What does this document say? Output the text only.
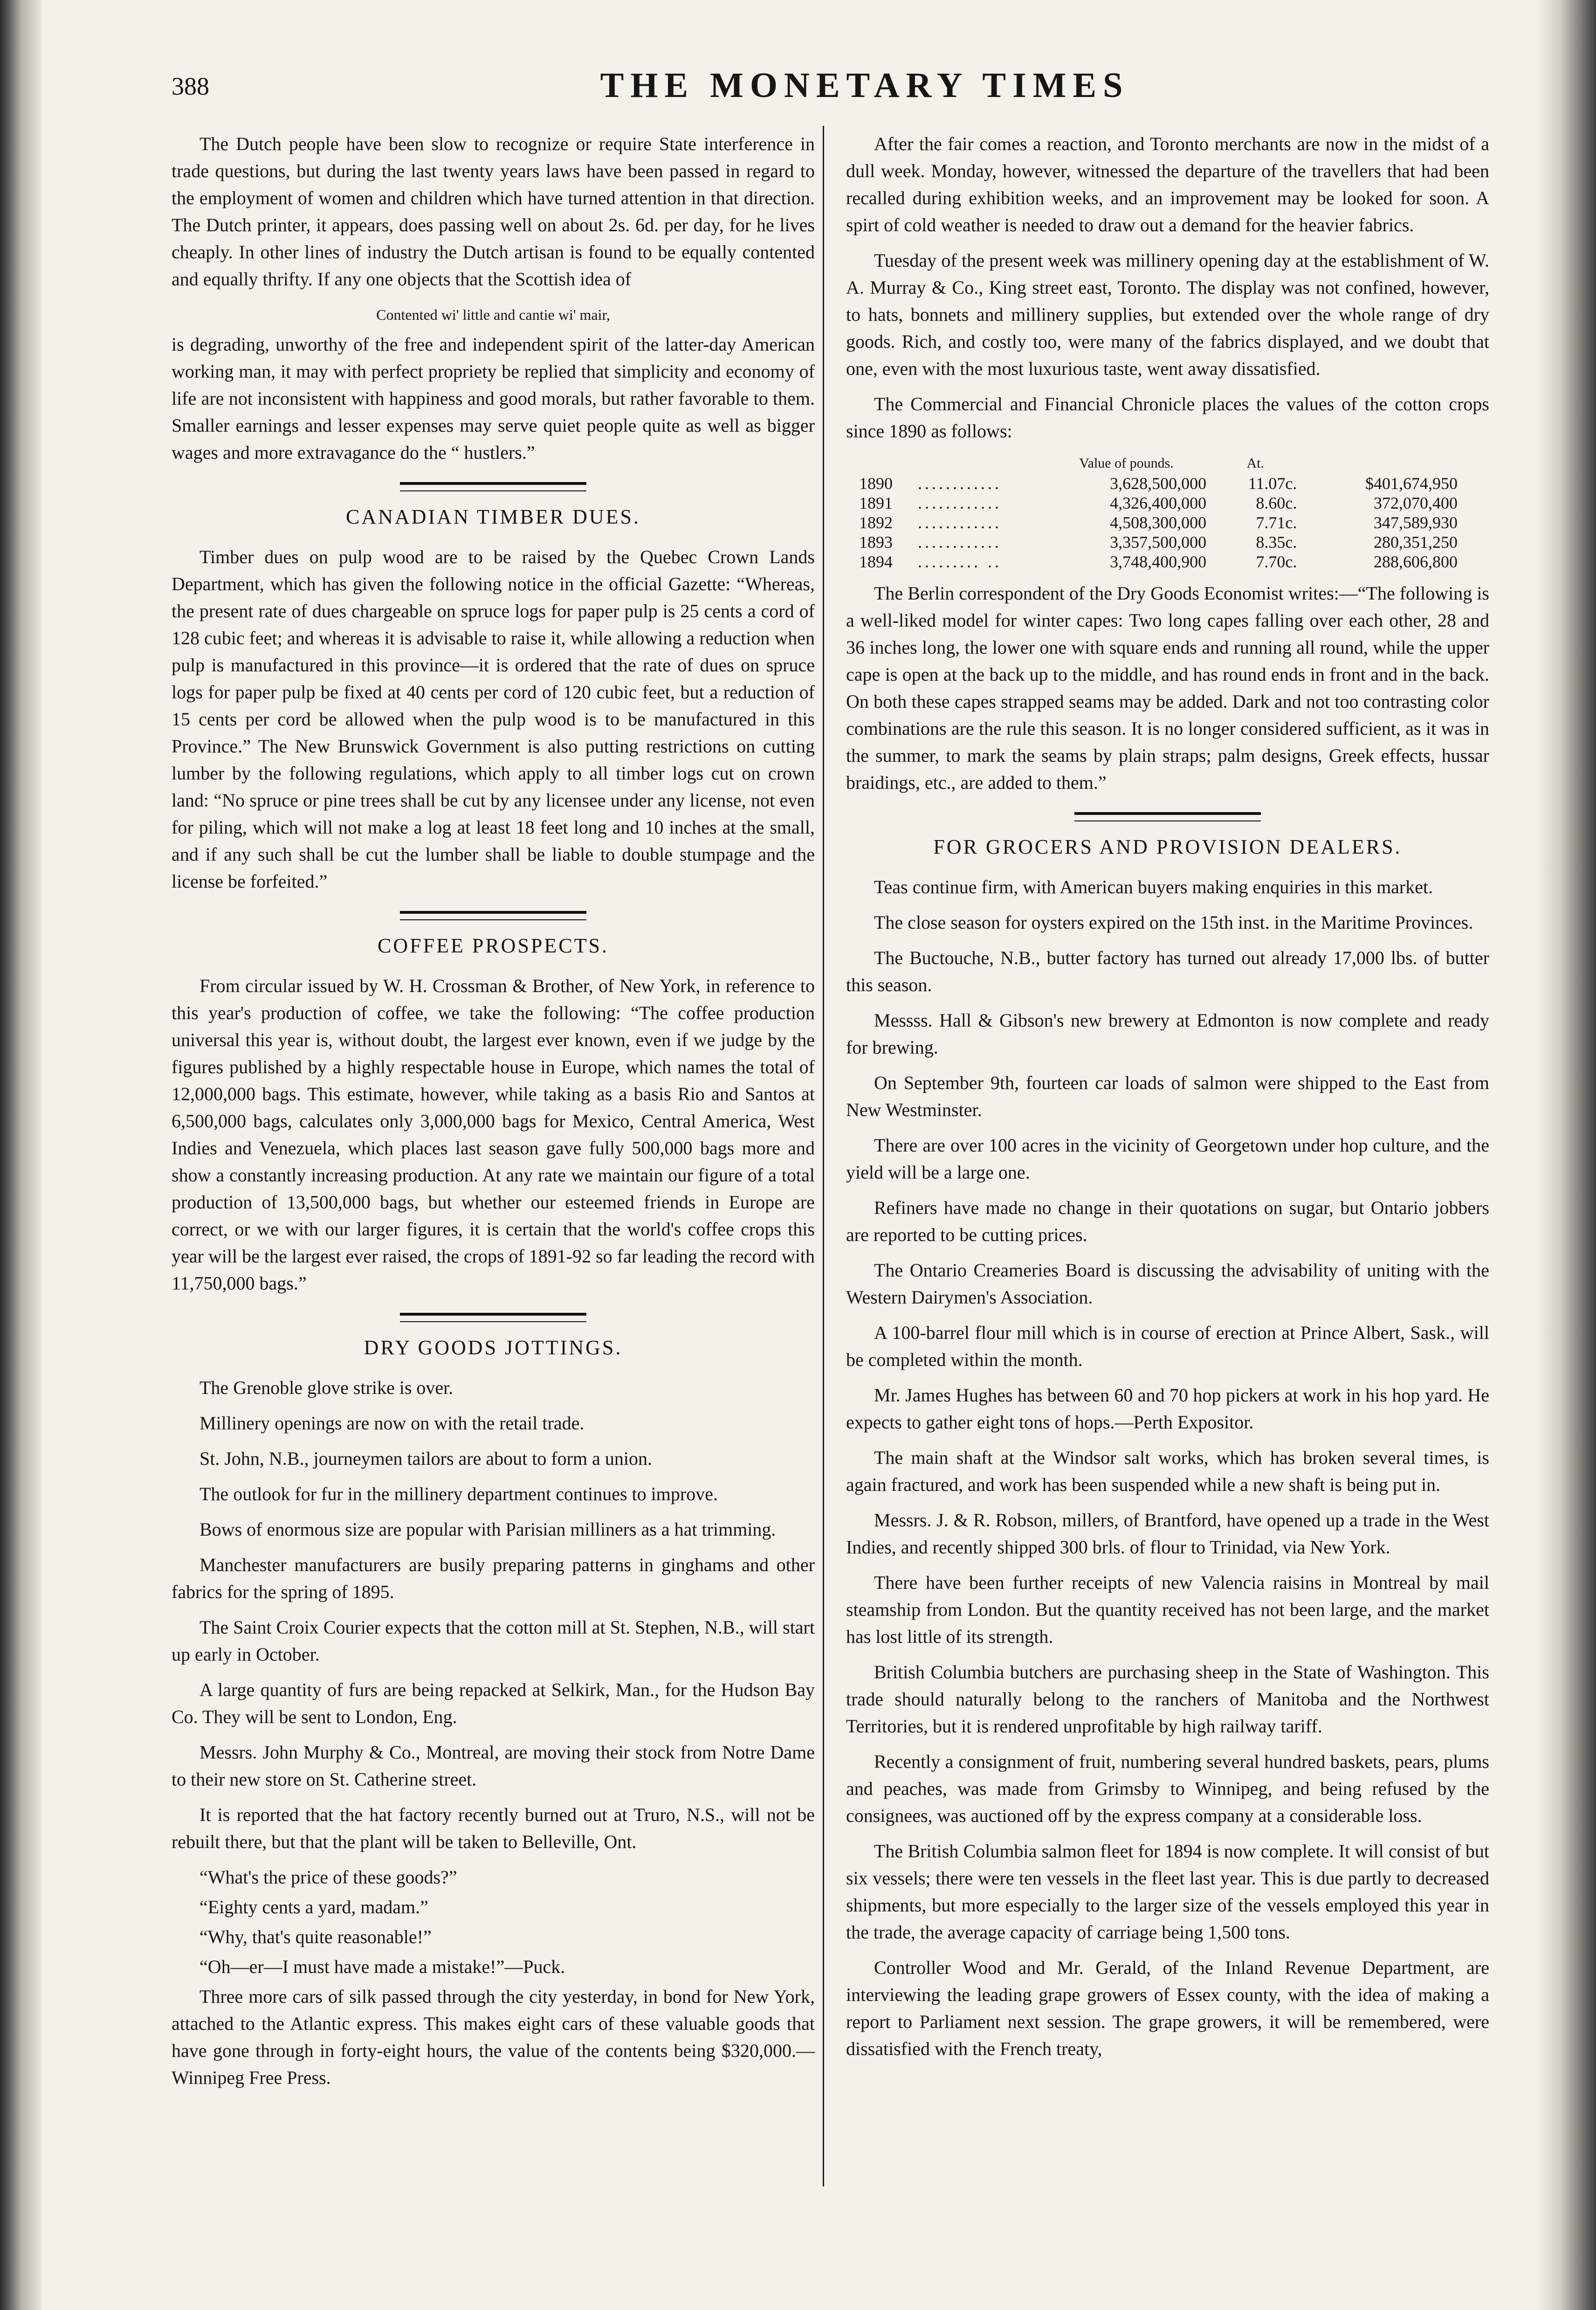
388	THE MONETARY TIMES

The Dutch people have been slow to recognize or require State interference in trade questions, but during the last twenty years laws have been passed in regard to the employment of women and children which have turned attention in that direction. The Dutch printer, it appears, does passing well on about 2s. 6d. per day, for he lives cheaply. In other lines of industry the Dutch artisan is found to be equally contented and equally thrifty. If any one objects that the Scottish idea of

Contented wi' little and cantie wi' mair,

is degrading, unworthy of the free and independent spirit of the latter-day American working man, it may with perfect propriety be replied that simplicity and economy of life are not inconsistent with happiness and good morals, but rather favorable to them. Smaller earnings and lesser expenses may serve quiet people quite as well as bigger wages and more extravagance do the “ hustlers.”

CANADIAN TIMBER DUES.

Timber dues on pulp wood are to be raised by the Quebec Crown Lands Department, which has given the following notice in the official Gazette: “Whereas, the present rate of dues chargeable on spruce logs for paper pulp is 25 cents a cord of 128 cubic feet; and whereas it is advisable to raise it, while allowing a reduction when pulp is manufactured in this province—it is ordered that the rate of dues on spruce logs for paper pulp be fixed at 40 cents per cord of 120 cubic feet, but a reduction of 15 cents per cord be allowed when the pulp wood is to be manufactured in this Province.” The New Brunswick Government is also putting restrictions on cutting lumber by the following regulations, which apply to all timber logs cut on crown land: “No spruce or pine trees shall be cut by any licensee under any license, not even for piling, which will not make a log at least 18 feet long and 10 inches at the small, and if any such shall be cut the lumber shall be liable to double stumpage and the license be forfeited.”

COFFEE PROSPECTS.

From circular issued by W. H. Crossman & Brother, of New York, in reference to this year's production of coffee, we take the following: “The coffee production universal this year is, without doubt, the largest ever known, even if we judge by the figures published by a highly respectable house in Europe, which names the total of 12,000,000 bags. This estimate, however, while taking as a basis Rio and Santos at 6,500,000 bags, calculates only 3,000,000 bags for Mexico, Central America, West Indies and Venezuela, which places last season gave fully 500,000 bags more and show a constantly increasing production. At any rate we maintain our figure of a total production of 13,500,000 bags, but whether our esteemed friends in Europe are correct, or we with our larger figures, it is certain that the world's coffee crops this year will be the largest ever raised, the crops of 1891-92 so far leading the record with 11,750,000 bags.”

DRY GOODS JOTTINGS.

The Grenoble glove strike is over.

Millinery openings are now on with the retail trade.

St. John, N.B., journeymen tailors are about to form a union.

The outlook for fur in the millinery department continues to improve.

Bows of enormous size are popular with Parisian milliners as a hat trimming.

Manchester manufacturers are busily preparing patterns in ginghams and other fabrics for the spring of 1895.

The Saint Croix Courier expects that the cotton mill at St. Stephen, N.B., will start up early in October.

A large quantity of furs are being repacked at Selkirk, Man., for the Hudson Bay Co. They will be sent to London, Eng.

Messrs. John Murphy & Co., Montreal, are moving their stock from Notre Dame to their new store on St. Catherine street.

It is reported that the hat factory recently burned out at Truro, N.S., will not be rebuilt there, but that the plant will be taken to Belleville, Ont.

“What's the price of these goods?”

“Eighty cents a yard, madam.”

“Why, that's quite reasonable!”

“Oh—er—I must have made a mistake!”—Puck.

Three more cars of silk passed through the city yesterday, in bond for New York, attached to the Atlantic express. This makes eight cars of these valuable goods that have gone through in forty-eight hours, the value of the contents being $320,000.—Winnipeg Free Press.

After the fair comes a reaction, and Toronto merchants are now in the midst of a dull week. Monday, however, witnessed the departure of the travellers that had been recalled during exhibition weeks, and an improvement may be looked for soon. A spirt of cold weather is needed to draw out a demand for the heavier fabrics.

Tuesday of the present week was millinery opening day at the establishment of W. A. Murray & Co., King street east, Toronto. The display was not confined, however, to hats, bonnets and millinery supplies, but extended over the whole range of dry goods. Rich, and costly too, were many of the fabrics displayed, and we doubt that one, even with the most luxurious taste, went away dissatisfied.

The Commercial and Financial Chronicle places the values of the cotton crops since 1890 as follows:

		Value of pounds.	At.	
1890	............	3,628,500,000	11.07c.	$401,674,950
1891	............	4,326,400,000	8.60c.	372,070,400
1892	............	4,508,300,000	7.71c.	347,589,930
1893	............	3,357,500,000	8.35c.	280,351,250
1894	......... ..	3,748,400,900	7.70c.	288,606,800

The Berlin correspondent of the Dry Goods Economist writes:—“The following is a well-liked model for winter capes: Two long capes falling over each other, 28 and 36 inches long, the lower one with square ends and running all round, while the upper cape is open at the back up to the middle, and has round ends in front and in the back. On both these capes strapped seams may be added. Dark and not too contrasting color combinations are the rule this season. It is no longer considered sufficient, as it was in the summer, to mark the seams by plain straps; palm designs, Greek effects, hussar braidings, etc., are added to them.”

FOR GROCERS AND PROVISION DEALERS.

Teas continue firm, with American buyers making enquiries in this market.

The close season for oysters expired on the 15th inst. in the Maritime Provinces.

The Buctouche, N.B., butter factory has turned out already 17,000 lbs. of butter this season.

Messss. Hall & Gibson's new brewery at Edmonton is now complete and ready for brewing.

On September 9th, fourteen car loads of salmon were shipped to the East from New Westminster.

There are over 100 acres in the vicinity of Georgetown under hop culture, and the yield will be a large one.

Refiners have made no change in their quotations on sugar, but Ontario jobbers are reported to be cutting prices.

The Ontario Creameries Board is discussing the advisability of uniting with the Western Dairymen's Association.

A 100-barrel flour mill which is in course of erection at Prince Albert, Sask., will be completed within the month.

Mr. James Hughes has between 60 and 70 hop pickers at work in his hop yard. He expects to gather eight tons of hops.—Perth Expositor.

The main shaft at the Windsor salt works, which has broken several times, is again fractured, and work has been suspended while a new shaft is being put in.

Messrs. J. & R. Robson, millers, of Brantford, have opened up a trade in the West Indies, and recently shipped 300 brls. of flour to Trinidad, via New York.

There have been further receipts of new Valencia raisins in Montreal by mail steamship from London. But the quantity received has not been large, and the market has lost little of its strength.

British Columbia butchers are purchasing sheep in the State of Washington. This trade should naturally belong to the ranchers of Manitoba and the Northwest Territories, but it is rendered unprofitable by high railway tariff.

Recently a consignment of fruit, numbering several hundred baskets, pears, plums and peaches, was made from Grimsby to Winnipeg, and being refused by the consignees, was auctioned off by the express company at a considerable loss.

The British Columbia salmon fleet for 1894 is now complete. It will consist of but six vessels; there were ten vessels in the fleet last year. This is due partly to decreased shipments, but more especially to the larger size of the vessels employed this year in the trade, the average capacity of carriage being 1,500 tons.

Controller Wood and Mr. Gerald, of the Inland Revenue Department, are interviewing the leading grape growers of Essex county, with the idea of making a report to Parliament next session. The grape growers, it will be remembered, were dissatisfied with the French treaty,
